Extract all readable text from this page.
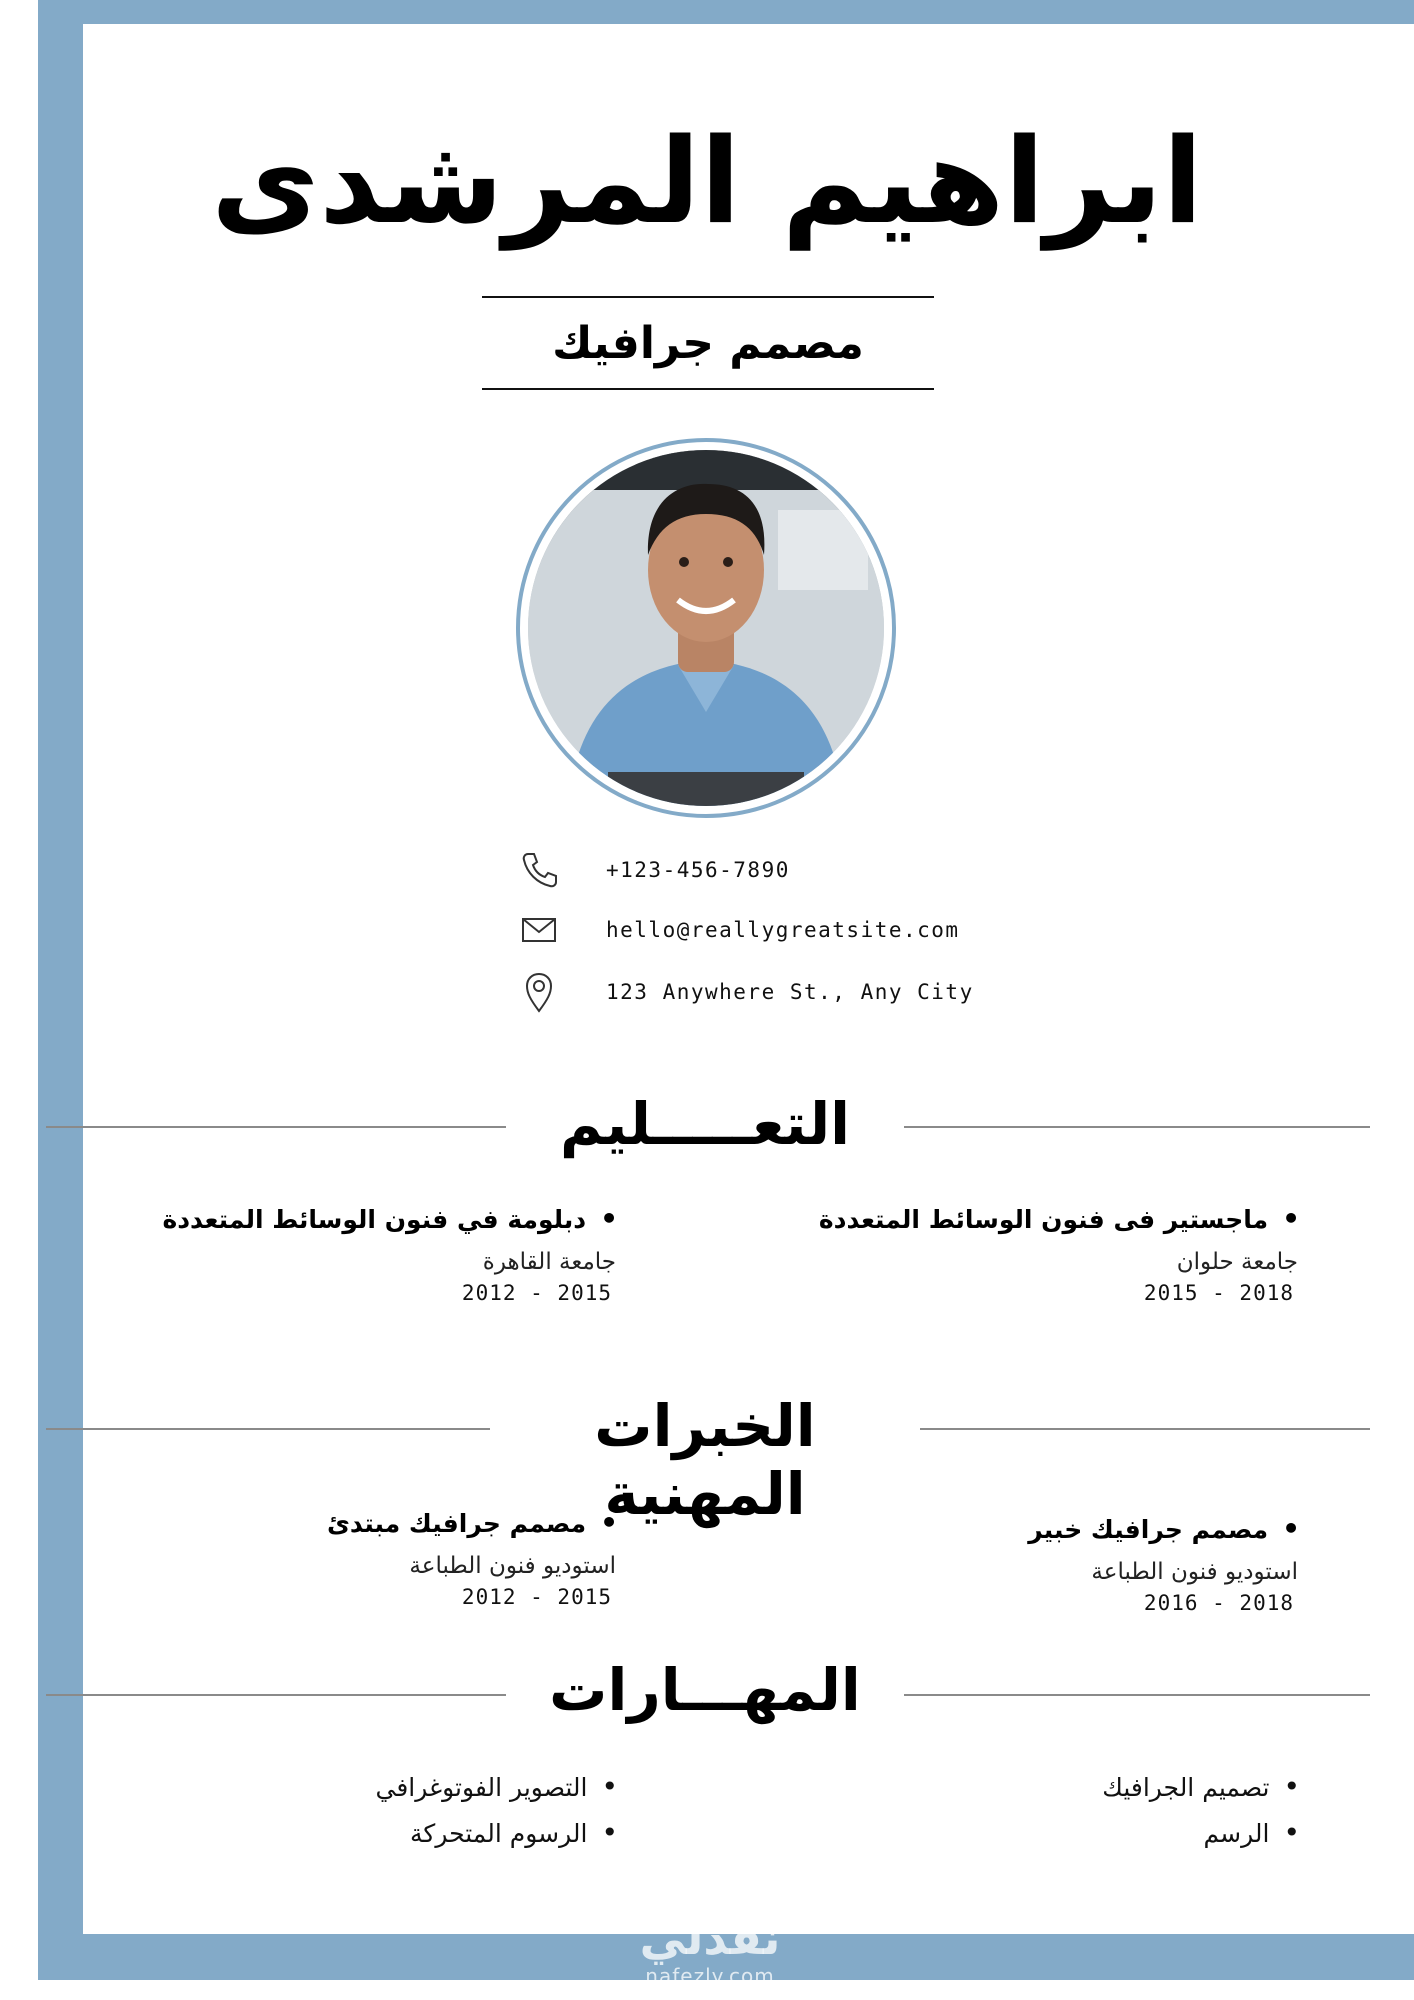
ابراهيم المرشدى
مصمم جرافيك
+123-456-7890
hello@reallygreatsite.com
123 Anywhere St., Any City
التعـــــليم
• ماجستير فى فنون الوسائط المتعددة
جامعة حلوان
2015 - 2018
• دبلومة في فنون الوسائط المتعددة
جامعة القاهرة
2012 - 2015
الخبرات المهنية
• مصمم جرافيك خبير
استوديو فنون الطباعة
2016 - 2018
• مصمم جرافيك مبتدئ
استوديو فنون الطباعة
2012 - 2015
المهـــارات
• تصميم الجرافيك
• الرسم
• التصوير الفوتوغرافي
• الرسوم المتحركة
نفذلي
nafezly.com
